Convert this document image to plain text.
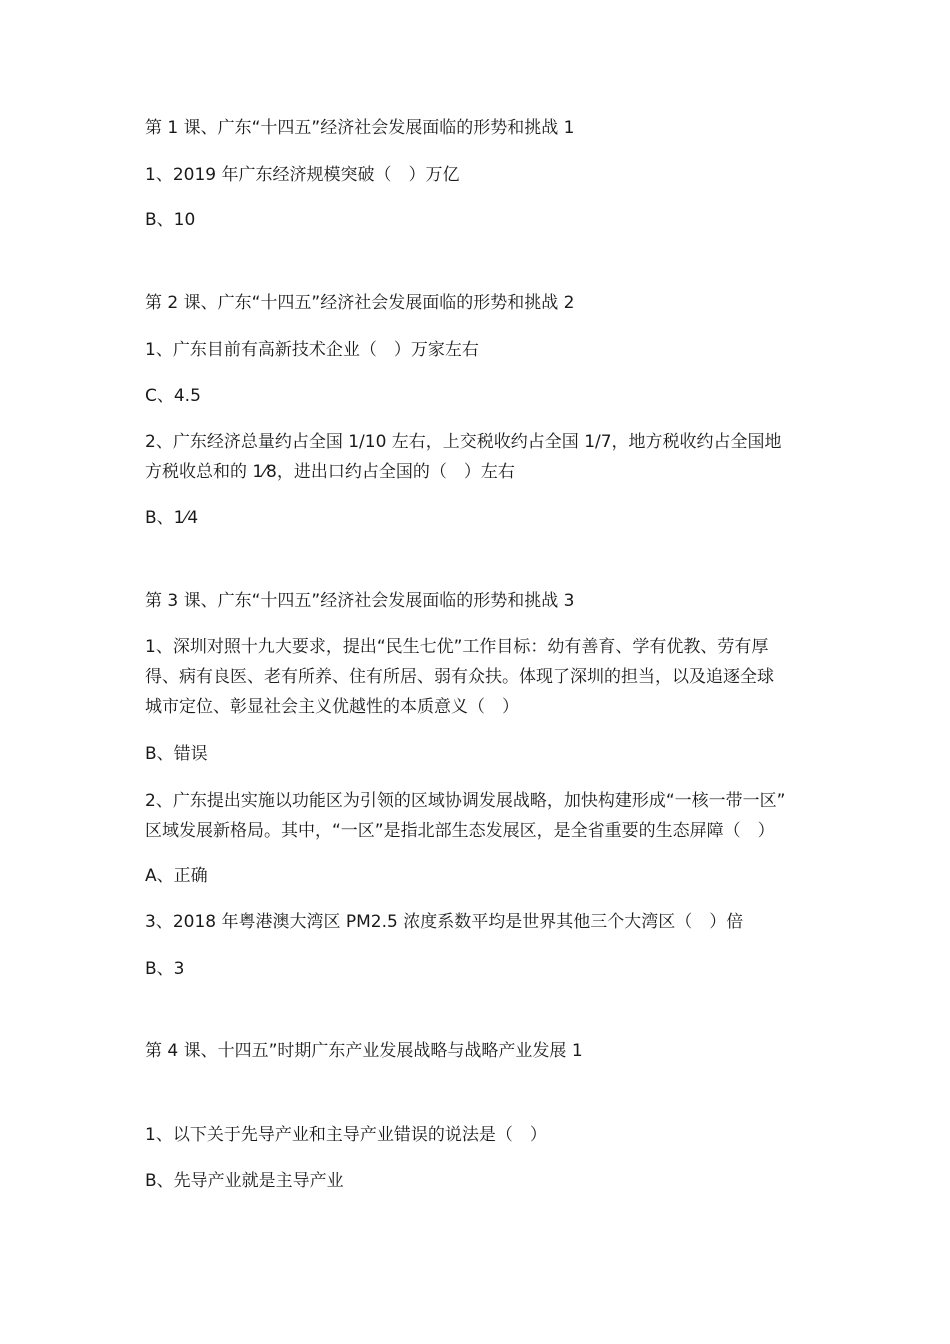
第 1 课、广东“十四五”经济社会发展面临的形势和挑战 1
1、2019 年广东经济规模突破（　）万亿
B、10
第 2 课、广东“十四五”经济社会发展面临的形势和挑战 2
1、广东目前有高新技术企业（　）万家左右
C、4.5
2、广东经济总量约占全国 1/10 左右，上交税收约占全国 1/7，地方税收约占全国地
方税收总和的 1⁄8，进出口约占全国的（　）左右
B、1⁄4
第 3 课、广东“十四五”经济社会发展面临的形势和挑战 3
1、深圳对照十九大要求，提出“民生七优”工作目标：幼有善育、学有优教、劳有厚
得、病有良医、老有所养、住有所居、弱有众扶。体现了深圳的担当，以及追逐全球
城市定位、彰显社会主义优越性的本质意义（　）
B、错误
2、广东提出实施以功能区为引领的区域协调发展战略，加快构建形成“一核一带一区”
区域发展新格局。其中，“一区”是指北部生态发展区，是全省重要的生态屏障（　）
A、正确
3、2018 年粤港澳大湾区 PM2.5 浓度系数平均是世界其他三个大湾区（　）倍
B、3
第 4 课、十四五”时期广东产业发展战略与战略产业发展 1
1、以下关于先导产业和主导产业错误的说法是（　）
B、先导产业就是主导产业
